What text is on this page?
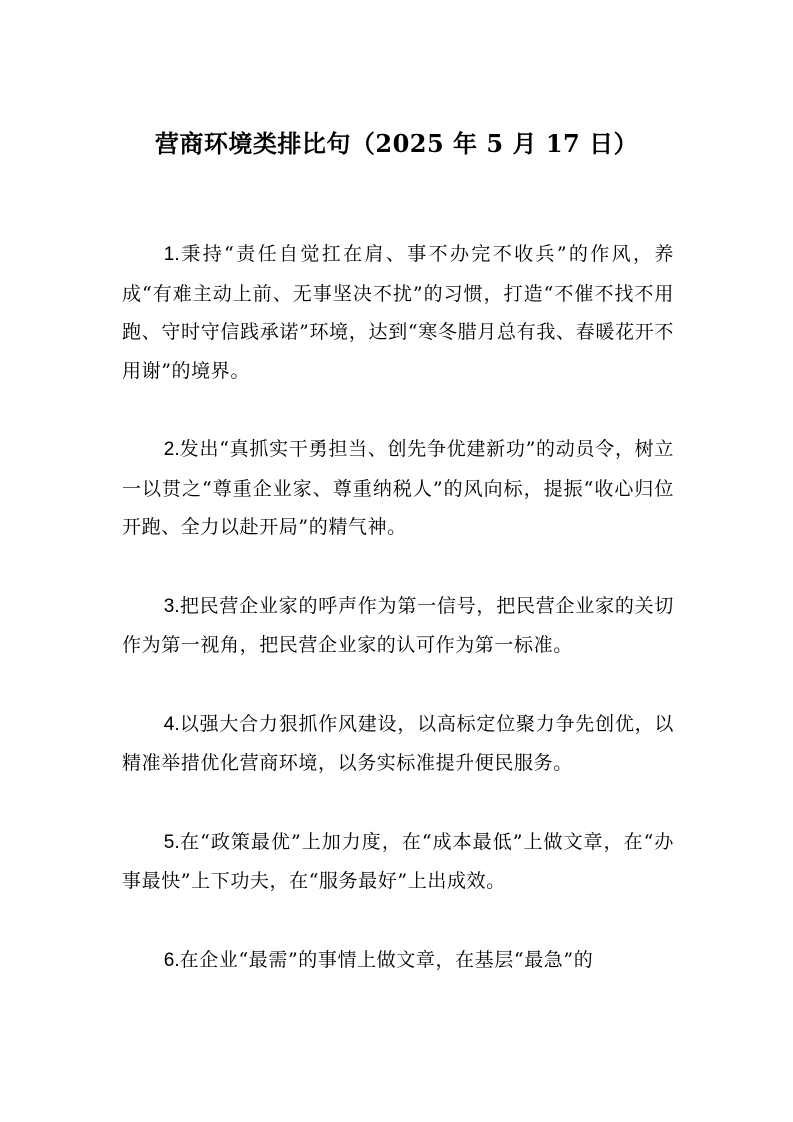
营商环境类排比句（2025 年 5 月 17 日）

1.秉持“责任自觉扛在肩、事不办完不收兵”的作风，养成“有难主动上前、无事坚决不扰”的习惯，打造“不催不找不用跑、守时守信践承诺”环境，达到“寒冬腊月总有我、春暖花开不用谢”的境界。

2.发出“真抓实干勇担当、创先争优建新功”的动员令，树立一以贯之“尊重企业家、尊重纳税人”的风向标，提振“收心归位开跑、全力以赴开局”的精气神。

3.把民营企业家的呼声作为第一信号，把民营企业家的关切作为第一视角，把民营企业家的认可作为第一标准。

4.以强大合力狠抓作风建设，以高标定位聚力争先创优，以精准举措优化营商环境，以务实标准提升便民服务。

5.在“政策最优”上加力度，在“成本最低”上做文章，在“办事最快”上下功夫，在“服务最好”上出成效。

6.在企业“最需”的事情上做文章，在基层“最急”的
